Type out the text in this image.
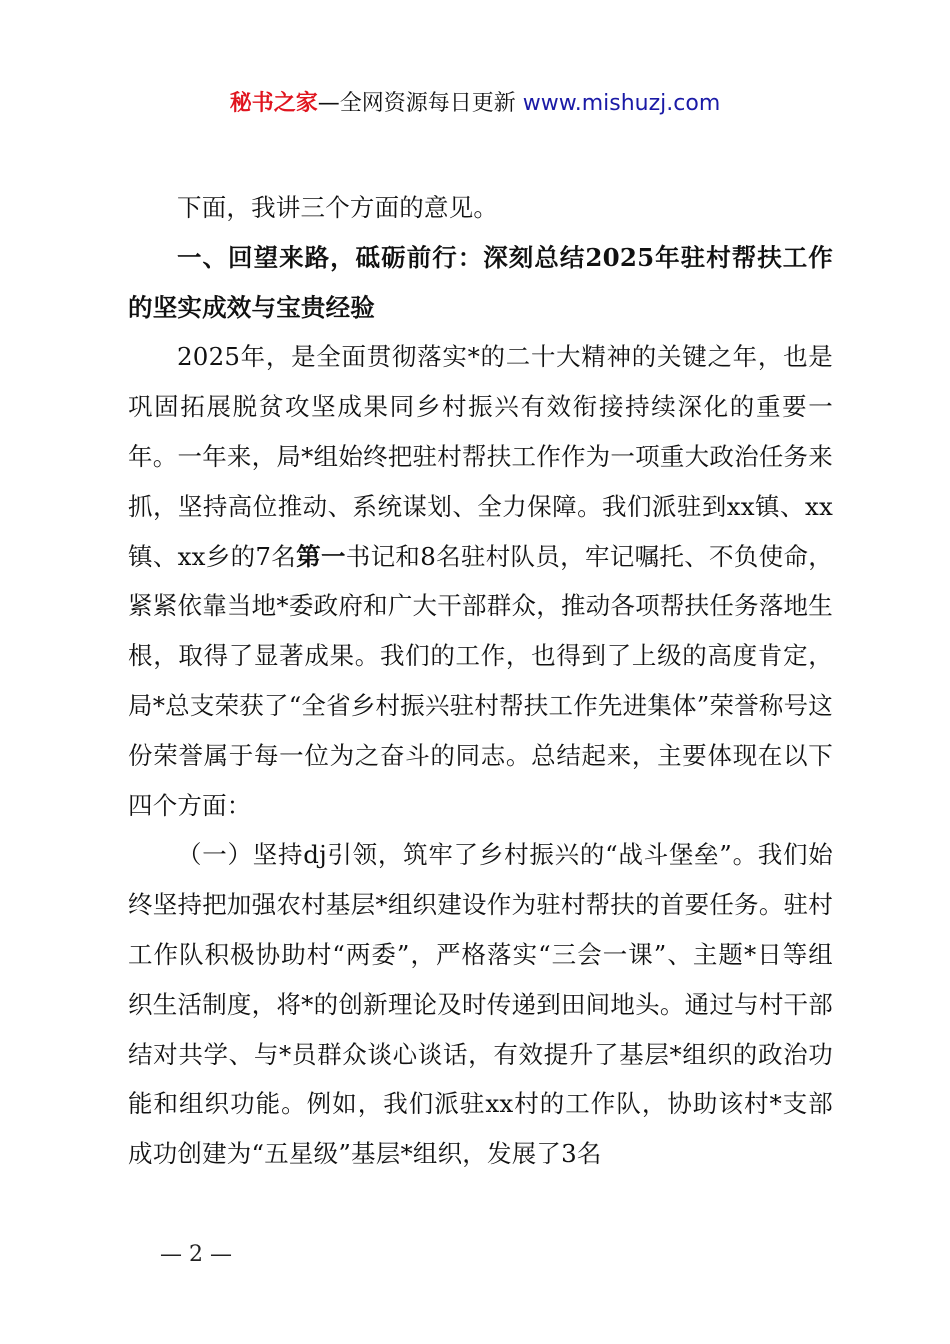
秘书之家—全网资源每日更新 www.mishuzj.com

下面，我讲三个方面的意见。

一、回望来路，砥砺前行：深刻总结2025年驻村帮扶工作的坚实成效与宝贵经验

2025年，是全面贯彻落实*的二十大精神的关键之年，也是巩固拓展脱贫攻坚成果同乡村振兴有效衔接持续深化的重要一年。一年来，局*组始终把驻村帮扶工作作为一项重大政治任务来抓，坚持高位推动、系统谋划、全力保障。我们派驻到xx镇、xx镇、xx乡的7名第一书记和8名驻村队员，牢记嘱托、不负使命，紧紧依靠当地*委政府和广大干部群众，推动各项帮扶任务落地生根，取得了显著成果。我们的工作，也得到了上级的高度肯定，局*总支荣获了“全省乡村振兴驻村帮扶工作先进集体”荣誉称号这份荣誉属于每一位为之奋斗的同志。总结起来，主要体现在以下四个方面：

（一）坚持dj引领，筑牢了乡村振兴的“战斗堡垒”。我们始终坚持把加强农村基层*组织建设作为驻村帮扶的首要任务。驻村工作队积极协助村“两委”，严格落实“三会一课”、主题*日等组织生活制度，将*的创新理论及时传递到田间地头。通过与村干部结对共学、与*员群众谈心谈话，有效提升了基层*组织的政治功能和组织功能。例如，我们派驻xx村的工作队，协助该村*支部成功创建为“五星级”基层*组织，发展了3名

— 2 —
